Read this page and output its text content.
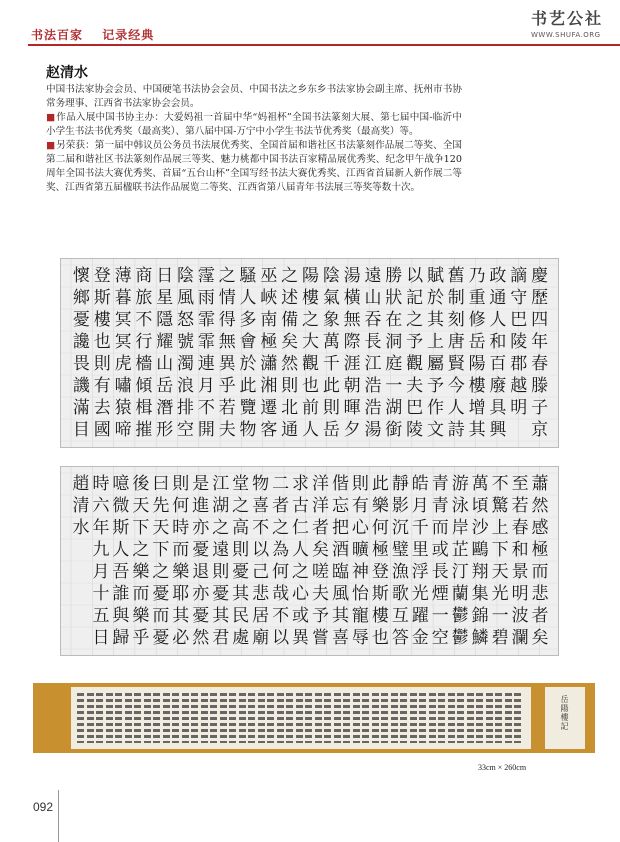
书法百家 记录经典
书艺公社
WWW.SHUFA.ORG
赵清水

中国书法家协会会员、中国硬笔书法协会会员、中国书法之乡东乡书法家协会副主席、抚州市书协常务理事、江西省书法家协会会员。

■作品入展中国书协主办：大爱妈祖一首届中华“妈祖杯”全国书法篆刻大展、第七届中国-临沂中小学生书法书优秀奖（最高奖）、第八届中国-万宁中小学生书法节优秀奖（最高奖）等。

■另荣获：第一届中韩议员公务员书法展优秀奖、全国首届和谐社区书法篆刻作品展二等奖、全国第二届和谐社区书法篆刻作品展三等奖、魅力桃都中国书法百家精品展优秀奖、纪念甲午战争120周年全国书法大赛优秀奖、首届“五台山杯”全国写经书法大赛优秀奖、江西省首届新人新作展二等奖、江西省第五届楹联书法作品展览二等奖、江西省第八届青年书法展三等奖等数十次。

慶歷四年春滕子京
謫守巴陵郡越明
政通人和百廢具興
乃重修岳陽樓增其
舊制刻唐賢今人詩
賦於其上屬予作文
以記之予觀夫巴陵
勝狀在洞庭一湖銜
遠山吞長江浩浩湯
湯橫無際涯朝暉夕
陰氣象萬千此則岳
陽樓之大觀也前人
之述備矣然則北通
巫峽南極瀟湘遷客
騷人多會於此覽物
之情得無異乎若夫
霪雨霏霏連月不開
陰風怒號濁浪排空
日星隱耀山岳潛形
商旅不行檣傾楫摧
薄暮冥冥虎嘯猿啼
登斯樓也則有去國
懷鄉憂讒畏譏滿目
蕭然感極而悲者矣
至若春和景明波瀾
不驚上下天光一碧
萬頃沙鷗翔集錦鱗
游泳岸芷汀蘭鬱鬱
青青而或長煙一空
皓月千里浮光躍金
靜影沉璧漁歌互答
此樂何極登斯樓也
則有心曠神怡寵辱
偕忘把酒臨風其喜
洋洋者矣嗟夫予嘗
求古仁人之心或異
二者之為何哉不以
物喜不以己悲居廟
堂之高則憂其民處
江湖之遠則憂其君
是進亦憂退亦憂然
則何時而樂耶其必
曰先天下之憂而憂
後天下之樂而樂乎
噫微斯人吾誰與歸
時六年九月十五日
趙清水
岳陽樓記
33cm × 260cm
092
